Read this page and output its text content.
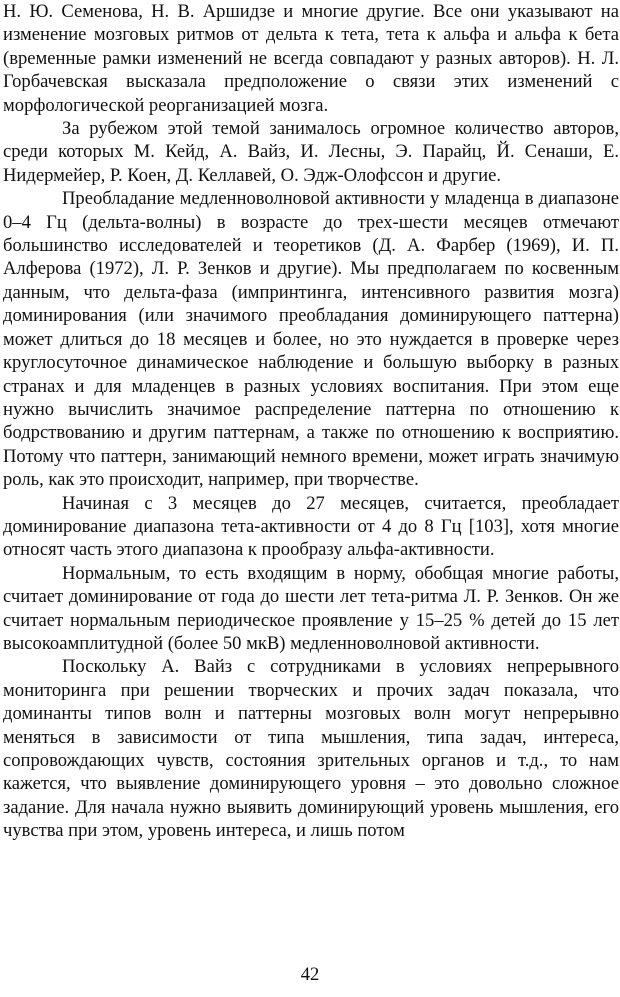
Н. Ю. Семенова, Н. В. Аршидзе и многие другие. Все они указывают на изменение мозговых ритмов от дельта к тета, тета к альфа и альфа к бета (временные рамки изменений не всегда совпадают у разных авторов). Н. Л. Горбачевская высказала предположение о связи этих изменений с морфологической реорганизацией мозга.

За рубежом этой темой занималось огромное количество авторов, среди которых М. Кейд, А. Вайз, И. Лесны, Э. Парайц, Й. Сенаши, Е. Нидермейер, Р. Коен, Д. Келлавей, О. Эдж-Олофссон и другие.

Преобладание медленноволновой активности у младенца в диапазоне 0–4 Гц (дельта-волны) в возрасте до трех-шести месяцев отмечают большинство исследователей и теоретиков (Д. А. Фарбер (1969), И. П. Алферова (1972), Л. Р. Зенков и другие). Мы предполагаем по косвенным данным, что дельта-фаза (импринтинга, интенсивного развития мозга) доминирования (или значимого преобладания доминирующего паттерна) может длиться до 18 месяцев и более, но это нуждается в проверке через круглосуточное динамическое наблюдение и большую выборку в разных странах и для младенцев в разных условиях воспитания. При этом еще нужно вычислить значимое распределение паттерна по отношению к бодрствованию и другим паттернам, а также по отношению к восприятию. Потому что паттерн, занимающий немного времени, может играть значимую роль, как это происходит, например, при творчестве.

Начиная с 3 месяцев до 27 месяцев, считается, преобладает доминирование диапазона тета-активности от 4 до 8 Гц [103], хотя многие относят часть этого диапазона к прообразу альфа-активности.

Нормальным, то есть входящим в норму, обобщая многие работы, считает доминирование от года до шести лет тета-ритма Л. Р. Зенков. Он же считает нормальным периодическое проявление у 15–25 % детей до 15 лет высокоамплитудной (более 50 мкВ) медленноволновой активности.

Поскольку А. Вайз с сотрудниками в условиях непрерывного мониторинга при решении творческих и прочих задач показала, что доминанты типов волн и паттерны мозговых волн могут непрерывно меняться в зависимости от типа мышления, типа задач, интереса, сопровождающих чувств, состояния зрительных органов и т.д., то нам кажется, что выявление доминирующего уровня – это довольно сложное задание. Для начала нужно выявить доминирующий уровень мышления, его чувства при этом, уровень интереса, и лишь потом

42
